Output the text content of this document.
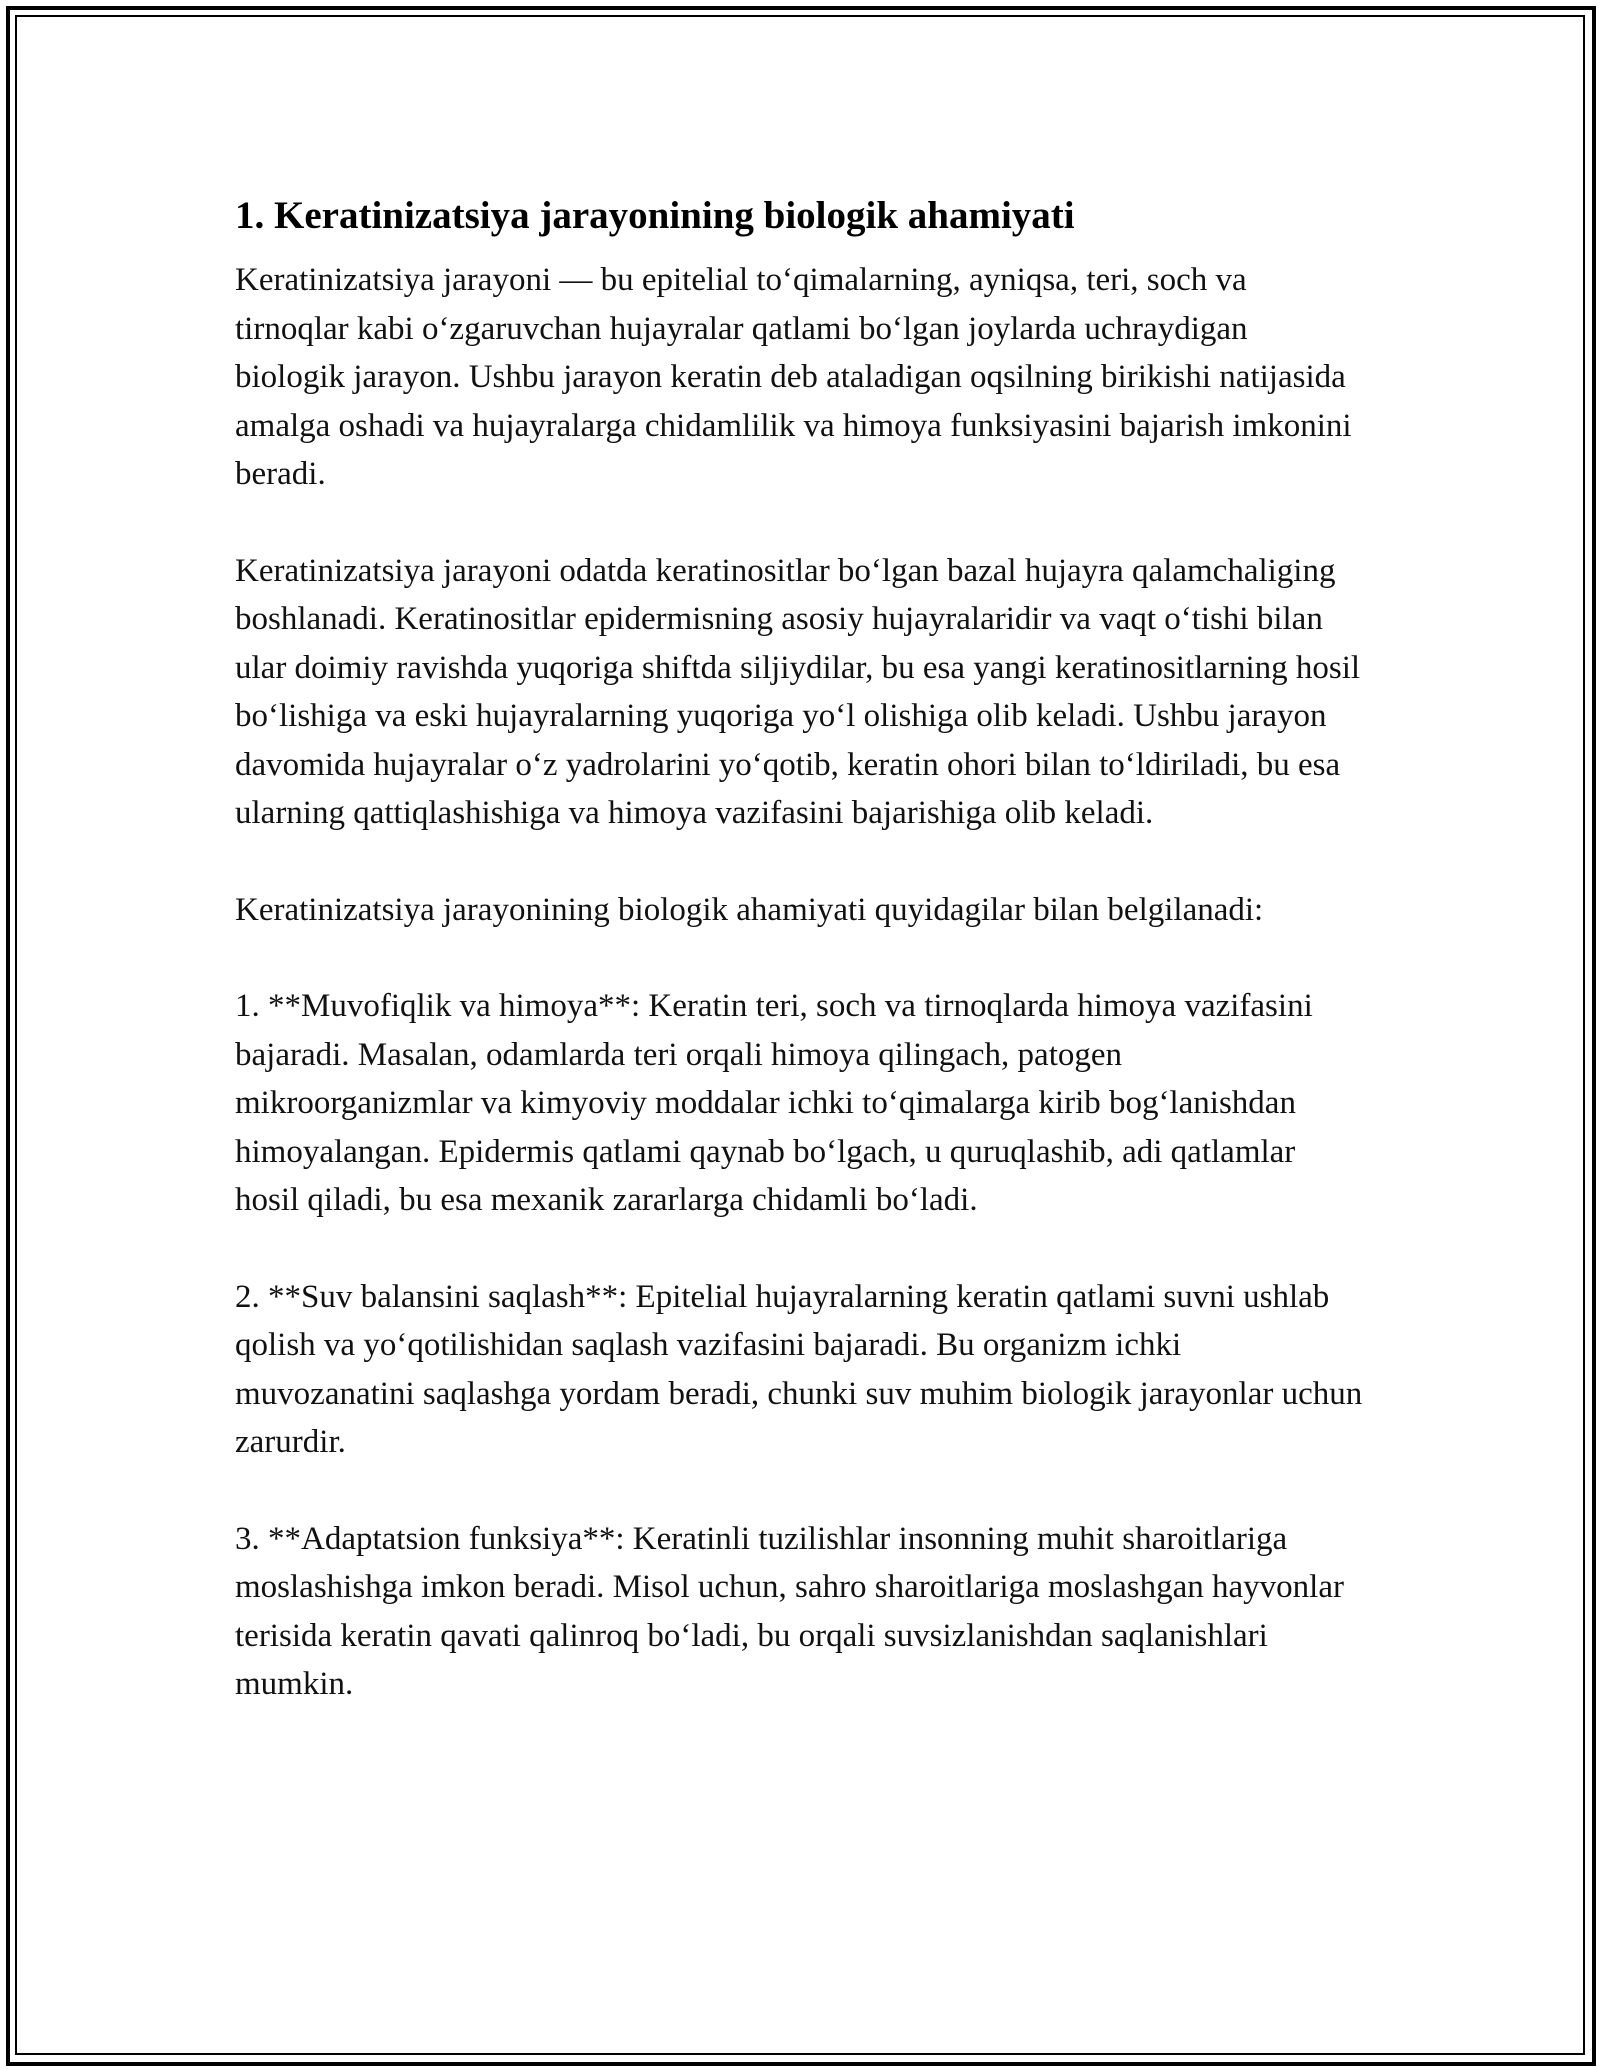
1. Keratinizatsiya jarayonining biologik ahamiyati

Keratinizatsiya jarayoni — bu epitelial to‘qimalarning, ayniqsa, teri, soch va tirnoqlar kabi o‘zgaruvchan hujayralar qatlami bo‘lgan joylarda uchraydigan biologik jarayon. Ushbu jarayon keratin deb ataladigan oqsilning birikishi natijasida amalga oshadi va hujayralarga chidamlilik va himoya funksiyasini bajarish imkonini beradi.

Keratinizatsiya jarayoni odatda keratinositlar bo‘lgan bazal hujayra qalamchaliging boshlanadi. Keratinositlar epidermisning asosiy hujayralaridir va vaqt o‘tishi bilan ular doimiy ravishda yuqoriga shiftda siljiydilar, bu esa yangi keratinositlarning hosil bo‘lishiga va eski hujayralarning yuqoriga yo‘l olishiga olib keladi. Ushbu jarayon davomida hujayralar o‘z yadrolarini yo‘qotib, keratin ohori bilan to‘ldiriladi, bu esa ularning qattiqlashishiga va himoya vazifasini bajarishiga olib keladi.

Keratinizatsiya jarayonining biologik ahamiyati quyidagilar bilan belgilanadi:

1. **Muvofiqlik va himoya**: Keratin teri, soch va tirnoqlarda himoya vazifasini bajaradi. Masalan, odamlarda teri orqali himoya qilingach, patogen mikroorganizmlar va kimyoviy moddalar ichki to‘qimalarga kirib bog‘lanishdan himoyalangan. Epidermis qatlami qaynab bo‘lgach, u quruqlashib, adi qatlamlar hosil qiladi, bu esa mexanik zararlarga chidamli bo‘ladi.

2. **Suv balansini saqlash**: Epitelial hujayralarning keratin qatlami suvni ushlab qolish va yo‘qotilishidan saqlash vazifasini bajaradi. Bu organizm ichki muvozanatini saqlashga yordam beradi, chunki suv muhim biologik jarayonlar uchun zarurdir.

3. **Adaptatsion funksiya**: Keratinli tuzilishlar insonning muhit sharoitlariga moslashishga imkon beradi. Misol uchun, sahro sharoitlariga moslashgan hayvonlar terisida keratin qavati qalinroq bo‘ladi, bu orqali suvsizlanishdan saqlanishlari mumkin.
